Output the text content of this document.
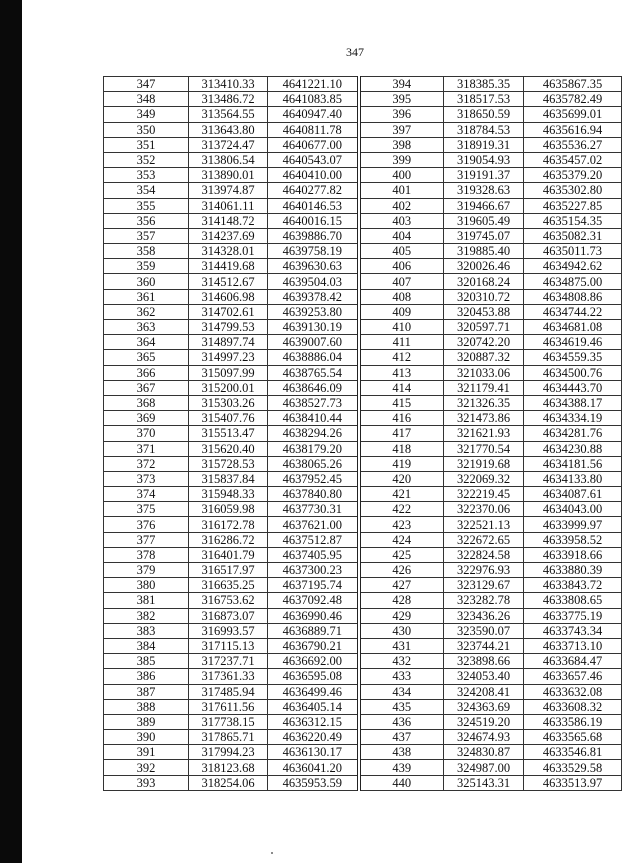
347
347	313410.33	4641221.10	394	318385.35	4635867.35
348	313486.72	4641083.85	395	318517.53	4635782.49
349	313564.55	4640947.40	396	318650.59	4635699.01
350	313643.80	4640811.78	397	318784.53	4635616.94
351	313724.47	4640677.00	398	318919.31	4635536.27
352	313806.54	4640543.07	399	319054.93	4635457.02
353	313890.01	4640410.00	400	319191.37	4635379.20
354	313974.87	4640277.82	401	319328.63	4635302.80
355	314061.11	4640146.53	402	319466.67	4635227.85
356	314148.72	4640016.15	403	319605.49	4635154.35
357	314237.69	4639886.70	404	319745.07	4635082.31
358	314328.01	4639758.19	405	319885.40	4635011.73
359	314419.68	4639630.63	406	320026.46	4634942.62
360	314512.67	4639504.03	407	320168.24	4634875.00
361	314606.98	4639378.42	408	320310.72	4634808.86
362	314702.61	4639253.80	409	320453.88	4634744.22
363	314799.53	4639130.19	410	320597.71	4634681.08
364	314897.74	4639007.60	411	320742.20	4634619.46
365	314997.23	4638886.04	412	320887.32	4634559.35
366	315097.99	4638765.54	413	321033.06	4634500.76
367	315200.01	4638646.09	414	321179.41	4634443.70
368	315303.26	4638527.73	415	321326.35	4634388.17
369	315407.76	4638410.44	416	321473.86	4634334.19
370	315513.47	4638294.26	417	321621.93	4634281.76
371	315620.40	4638179.20	418	321770.54	4634230.88
372	315728.53	4638065.26	419	321919.68	4634181.56
373	315837.84	4637952.45	420	322069.32	4634133.80
374	315948.33	4637840.80	421	322219.45	4634087.61
375	316059.98	4637730.31	422	322370.06	4634043.00
376	316172.78	4637621.00	423	322521.13	4633999.97
377	316286.72	4637512.87	424	322672.65	4633958.52
378	316401.79	4637405.95	425	322824.58	4633918.66
379	316517.97	4637300.23	426	322976.93	4633880.39
380	316635.25	4637195.74	427	323129.67	4633843.72
381	316753.62	4637092.48	428	323282.78	4633808.65
382	316873.07	4636990.46	429	323436.26	4633775.19
383	316993.57	4636889.71	430	323590.07	4633743.34
384	317115.13	4636790.21	431	323744.21	4633713.10
385	317237.71	4636692.00	432	323898.66	4633684.47
386	317361.33	4636595.08	433	324053.40	4633657.46
387	317485.94	4636499.46	434	324208.41	4633632.08
388	317611.56	4636405.14	435	324363.69	4633608.32
389	317738.15	4636312.15	436	324519.20	4633586.19
390	317865.71	4636220.49	437	324674.93	4633565.68
391	317994.23	4636130.17	438	324830.87	4633546.81
392	318123.68	4636041.20	439	324987.00	4633529.58
393	318254.06	4635953.59	440	325143.31	4633513.97
